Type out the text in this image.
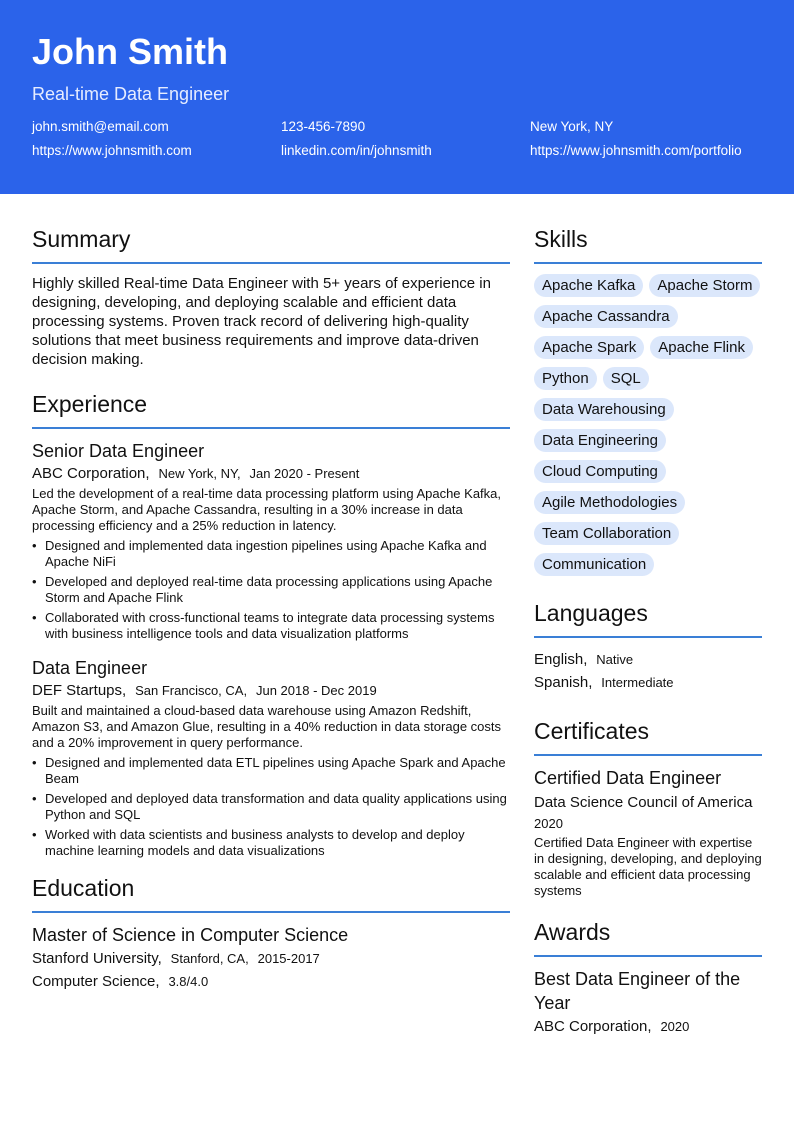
John Smith
Real-time Data Engineer
john.smith@email.com	123-456-7890	New York, NY
https://www.johnsmith.com	linkedin.com/in/johnsmith	https://www.johnsmith.com/portfolio
Summary
Highly skilled Real-time Data Engineer with 5+ years of experience in designing, developing, and deploying scalable and efficient data processing systems. Proven track record of delivering high-quality solutions that meet business requirements and improve data-driven decision making.
Experience
Senior Data Engineer
ABC Corporation, New York, NY, Jan 2020 - Present
Led the development of a real-time data processing platform using Apache Kafka, Apache Storm, and Apache Cassandra, resulting in a 30% increase in data processing efficiency and a 25% reduction in latency.
• Designed and implemented data ingestion pipelines using Apache Kafka and Apache NiFi
• Developed and deployed real-time data processing applications using Apache Storm and Apache Flink
• Collaborated with cross-functional teams to integrate data processing systems with business intelligence tools and data visualization platforms
Data Engineer
DEF Startups, San Francisco, CA, Jun 2018 - Dec 2019
Built and maintained a cloud-based data warehouse using Amazon Redshift, Amazon S3, and Amazon Glue, resulting in a 40% reduction in data storage costs and a 20% improvement in query performance.
• Designed and implemented data ETL pipelines using Apache Spark and Apache Beam
• Developed and deployed data transformation and data quality applications using Python and SQL
• Worked with data scientists and business analysts to develop and deploy machine learning models and data visualizations
Education
Master of Science in Computer Science
Stanford University, Stanford, CA, 2015-2017
Computer Science, 3.8/4.0
Skills
Apache Kafka	Apache Storm
Apache Cassandra
Apache Spark	Apache Flink
Python	SQL
Data Warehousing
Data Engineering
Cloud Computing
Agile Methodologies
Team Collaboration
Communication
Languages
English, Native
Spanish, Intermediate
Certificates
Certified Data Engineer
Data Science Council of America
2020
Certified Data Engineer with expertise in designing, developing, and deploying scalable and efficient data processing systems
Awards
Best Data Engineer of the Year
ABC Corporation, 2020
